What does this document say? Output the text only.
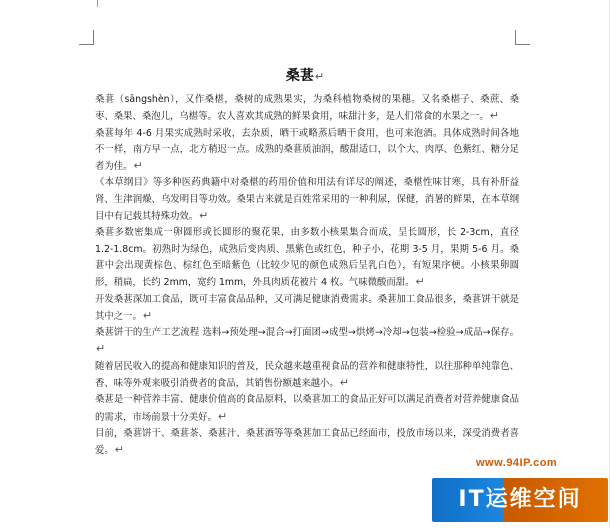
桑葚↵

桑葚（sāngshèn），又作桑椹，桑树的成熟果实，为桑科植物桑树的果穗。又名桑椹子、桑蔗、桑枣、桑果、桑泡儿，乌椹等。农人喜欢其成熟的鲜果食用，味甜汁多，是人们常食的水果之一。↵

桑葚每年 4-6 月果实成熟时采收，去杂质，晒干或略蒸后晒干食用，也可来泡酒。具体成熟时间各地不一样，南方早一点，北方稍迟一点。成熟的桑葚质油润，酸甜适口，以个大、肉厚、色紫红、糖分足者为佳。↵

《本草纲目》等多种医药典籍中对桑椹的药用价值和用法有详尽的阐述，桑椹性味甘寒，具有补肝益肾、生津润燥、乌发明目等功效。桑果古来就是百姓常采用的一种利尿，保健，消暑的鲜果，在本草纲目中有记载其特殊功效。↵

桑葚多数密集成一卵圆形或长圆形的聚花果，由多数小核果集合而成，呈长圆形，长 2-3cm，直径 1.2-1.8cm。初熟时为绿色，成熟后变肉质、黑紫色或红色，种子小，花期 3-5 月，果期 5-6 月。桑葚中会出现黄棕色、棕红色至暗紫色（比较少见的颜色成熟后呈乳白色），有短果序梗。小核果卵圆形，稍扁，长约 2mm，宽约 1mm，外具肉质花被片 4 枚。气味微酸而甜。↵

开发桑葚深加工食品，既可丰富食品品种，又可满足健康消费需求。桑葚加工食品很多，桑葚饼干就是其中之一。↵

桑葚饼干的生产工艺流程 选料→预处理→混合→打面团→成型→烘烤→冷却→包装→检验→成品→保存。↵

随着居民收入的提高和健康知识的普及，民众越来越重视食品的营养和健康特性，以往那种单纯靠色、香、味等外观来吸引消费者的食品，其销售份额越来越小。↵

桑葚是一种营养丰富、健康价值高的食品原料，以桑葚加工的食品正好可以满足消费者对营养健康食品的需求，市场前景十分美好。↵

目前，桑葚饼干、桑葚茶、桑葚汁、桑葚酒等等桑葚加工食品已经面市，投放市场以来，深受消费者喜爱。↵

www.94IP.com
IT运维空间
